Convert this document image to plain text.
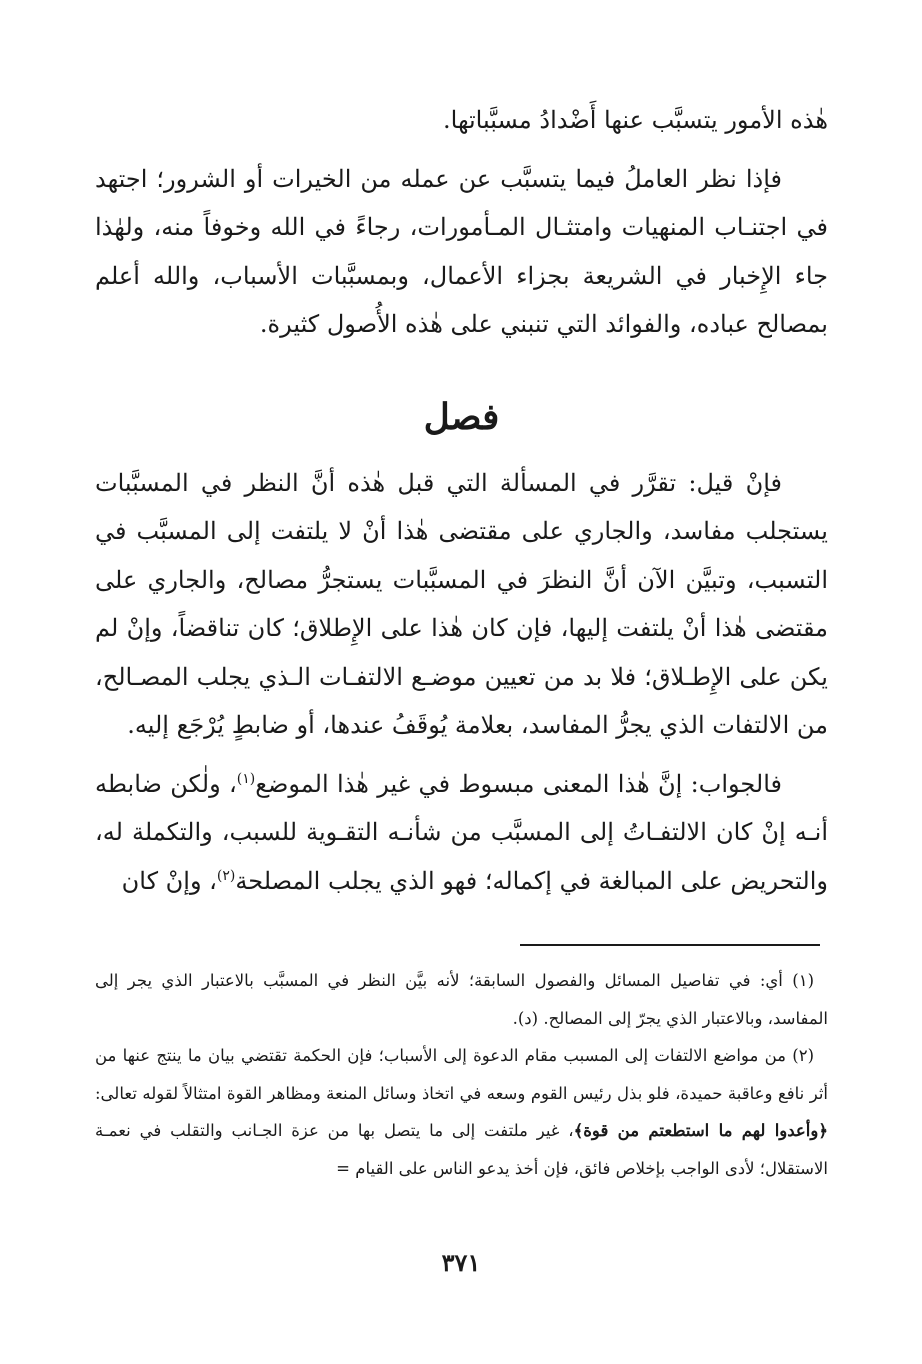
هٰذه الأمور يتسبَّب عنها أَضْدادُ مسبَّباتها.

فإذا نظر العاملُ فيما يتسبَّب عن عمله من الخيرات أو الشرور؛ اجتهد في اجتنـاب المنهيات وامتثـال المـأمورات، رجاءً في الله وخوفاً منه، ولهٰذا جاء الإِخبار في الشريعة بجزاء الأعمال، وبمسبَّبات الأسباب، والله أعلم بمصالح عباده، والفوائد التي تنبني على هٰذه الأُصول كثيرة.

فصل

فإنْ قيل: تقرَّر في المسألة التي قبل هٰذه أنَّ النظر في المسبَّبات يستجلب مفاسد، والجاري على مقتضى هٰذا أنْ لا يلتفت إلى المسبَّب في التسبب، وتبيَّن الآن أنَّ النظرَ في المسبَّبات يستجرُّ مصالح، والجاري على مقتضى هٰذا أنْ يلتفت إليها، فإن كان هٰذا على الإِطلاق؛ كان تناقضاً، وإنْ لم يكن على الإِطـلاق؛ فلا بد من تعيين موضـع الالتفـات الـذي يجلب المصـالح، من الالتفات الذي يجرُّ المفاسد، بعلامة يُوقَفُ عندها، أو ضابطٍ يُرْجَع إليه.

فالجواب: إنَّ هٰذا المعنى مبسوط في غير هٰذا الموضع$^{(١)}$، ولٰكن ضابطه أنـه إنْ كان الالتفـاتُ إلى المسبَّب من شأنـه التقـوية للسبب، والتكملة له، والتحريض على المبالغة في إكماله؛ فهو الذي يجلب المصلحة$^{(٢)}$، وإنْ كان

(١) أي: في تفاصيل المسائل والفصول السابقة؛ لأنه بيَّن النظر في المسبَّب بالاعتبار الذي يجر إلى المفاسد، وبالاعتبار الذي يجرّ إلى المصالح. (د).

(٢) من مواضع الالتفات إلى المسبب مقام الدعوة إلى الأسباب؛ فإن الحكمة تقتضي بيان ما ينتج عنها من أثر نافع وعاقبة حميدة، فلو بذل رئيس القوم وسعه في اتخاذ وسائل المنعة ومظاهر القوة امتثالاً لقوله تعالى: ﴿وأعدوا لهم ما استطعتم من قوة﴾، غير ملتفت إلى ما يتصل بها من عزة الجـانب والتقلب في نعمـة الاستقلال؛ لأدى الواجب بإخلاص فائق، فإن أخذ يدعو الناس على القيام =

٣٧١
